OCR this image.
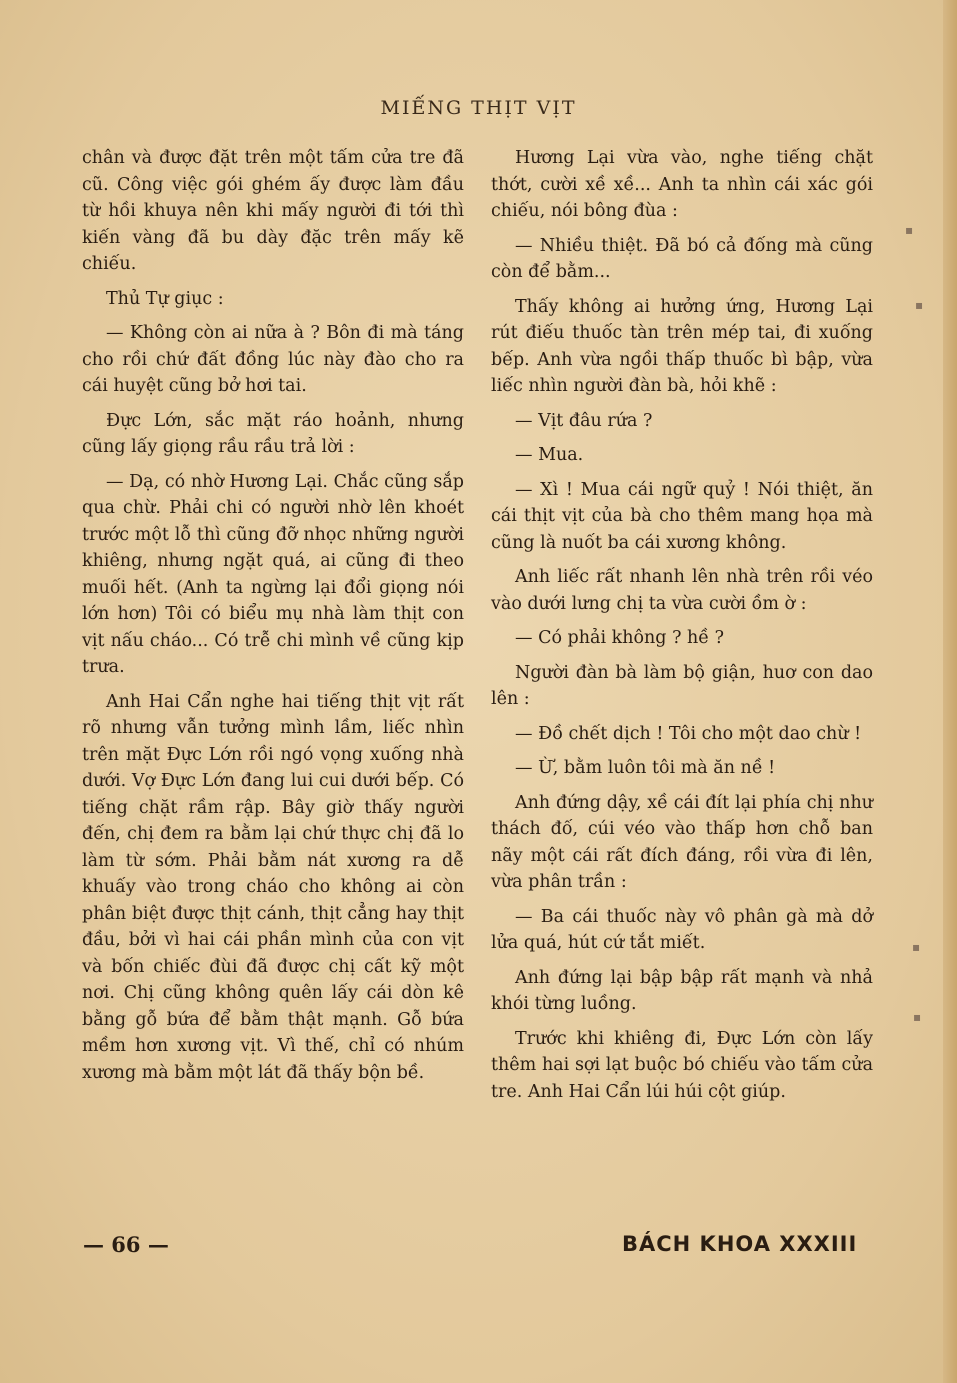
▪
▪
▪
▪
MIẾNG THỊT VỊT

chân và được đặt trên một tấm cửa tre đã cũ. Công việc gói ghém ấy được làm đầu từ hồi khuya nên khi mấy người đi tới thì kiến vàng đã bu dày đặc trên mấy kẽ chiếu.

Thủ Tự giục :

— Không còn ai nữa à ? Bôn đi mà táng cho rồi chứ đất đồng lúc này đào cho ra cái huyệt cũng bở hơi tai.

Đực Lớn, sắc mặt ráo hoảnh, nhưng cũng lấy giọng rầu rầu trả lời :

— Dạ, có nhờ Hương Lại. Chắc cũng sắp qua chừ. Phải chi có người nhờ lên khoét trước một lỗ thì cũng đỡ nhọc những người khiêng, nhưng ngặt quá, ai cũng đi theo muối hết. (Anh ta ngừng lại đổi giọng nói lớn hơn) Tôi có biểu mụ nhà làm thịt con vịt nấu cháo... Có trễ chi mình về cũng kịp trưa.

Anh Hai Cẩn nghe hai tiếng thịt vịt rất rõ nhưng vẫn tưởng mình lầm, liếc nhìn trên mặt Đực Lớn rồi ngó vọng xuống nhà dưới. Vợ Đực Lớn đang lui cui dưới bếp. Có tiếng chặt rầm rập. Bây giờ thấy người đến, chị đem ra bằm lại chứ thực chị đã lo làm từ sớm. Phải bằm nát xương ra dễ khuấy vào trong cháo cho không ai còn phân biệt được thịt cánh, thịt cẳng hay thịt đầu, bởi vì hai cái phần mình của con vịt và bốn chiếc đùi đã được chị cất kỹ một nơi. Chị cũng không quên lấy cái dòn kê bằng gỗ bứa để bằm thật mạnh. Gỗ bứa mềm hơn xương vịt. Vì thế, chỉ có nhúm xương mà bằm một lát đã thấy bộn bề.

Hương Lại vừa vào, nghe tiếng chặt thớt, cười xề xề... Anh ta nhìn cái xác gói chiếu, nói bông đùa :

— Nhiều thiệt. Đã bó cả đống mà cũng còn để bằm...

Thấy không ai hưởng ứng, Hương Lại rút điếu thuốc tàn trên mép tai, đi xuống bếp. Anh vừa ngồi thấp thuốc bì bập, vừa liếc nhìn người đàn bà, hỏi khẽ :

— Vịt đâu rứa ?

— Mua.

— Xì ! Mua cái ngữ quỷ ! Nói thiệt, ăn cái thịt vịt của bà cho thêm mang họa mà cũng là nuốt ba cái xương không.

Anh liếc rất nhanh lên nhà trên rồi véo vào dưới lưng chị ta vừa cười ồm ờ :

— Có phải không ? hề ?

Người đàn bà làm bộ giận, huơ con dao lên :

— Đồ chết dịch ! Tôi cho một dao chừ !

— Ừ, bằm luôn tôi mà ăn nề !

Anh đứng dậy, xề cái đít lại phía chị như thách đố, cúi véo vào thấp hơn chỗ ban nãy một cái rất đích đáng, rồi vừa đi lên, vừa phân trần :

— Ba cái thuốc này vô phân gà mà dở lửa quá, hút cứ tắt miết.

Anh đứng lại bập bập rất mạnh và nhả khói từng luồng.

Trước khi khiêng đi, Đực Lớn còn lấy thêm hai sợi lạt buộc bó chiếu vào tấm cửa tre. Anh Hai Cẩn lúi húi cột giúp.

— 66 —	BÁCH KHOA XXXIII
